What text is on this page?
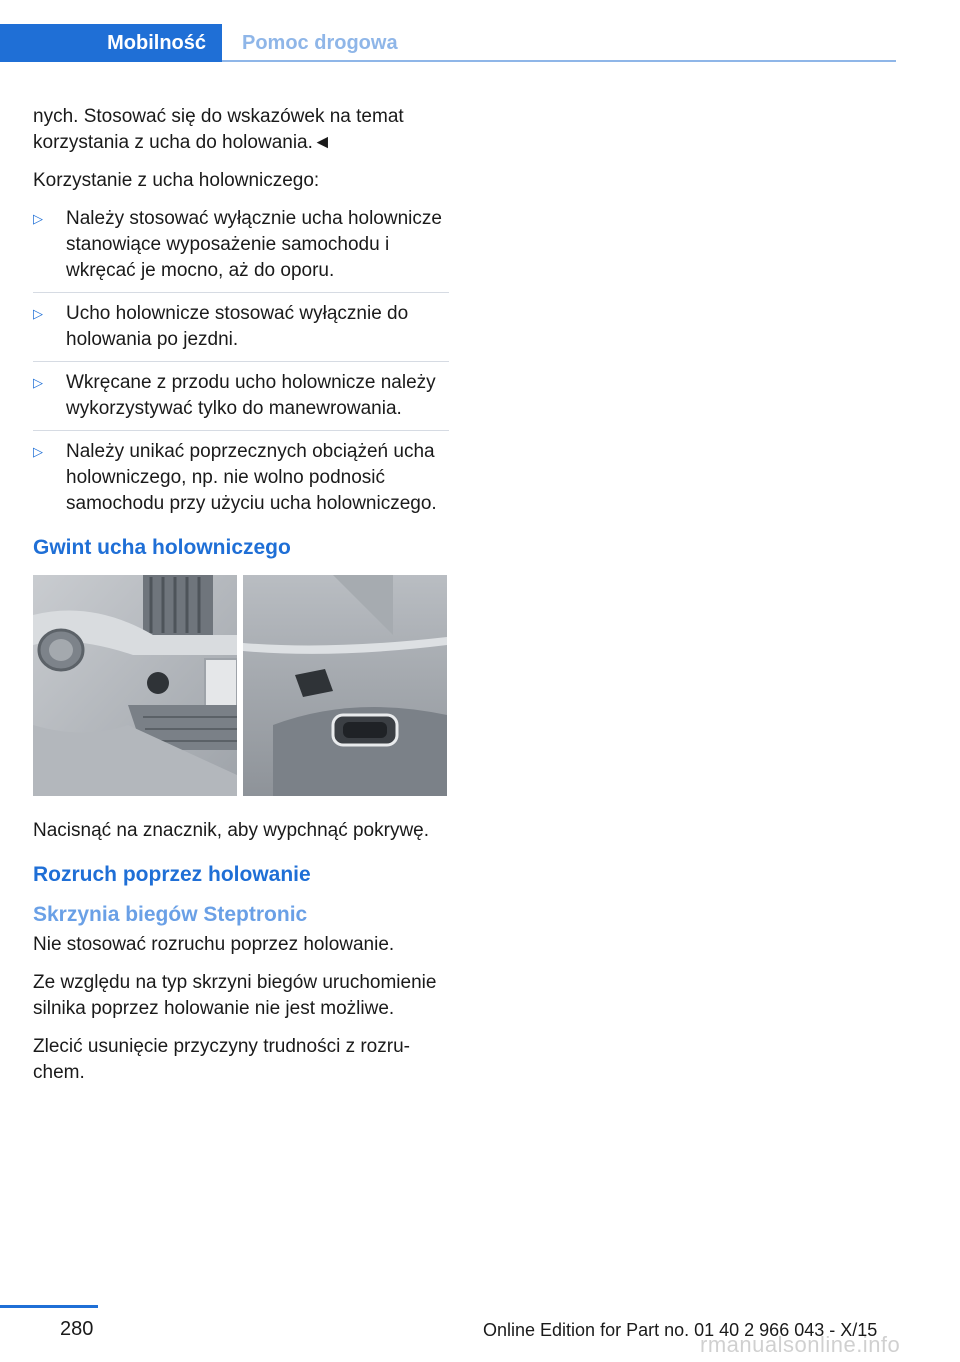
Mobilność	Pomoc drogowa

nych. Stosować się do wskazówek na temat
korzystania z ucha do holowania.◄

Korzystanie z ucha holowniczego:

▷ Należy stosować wyłącznie ucha holownicze stanowiące wyposażenie samochodu i wkręcać je mocno, aż do oporu.
▷ Ucho holownicze stosować wyłącznie do holowania po jezdni.
▷ Wkręcane z przodu ucho holownicze należy wykorzystywać tylko do manewrowania.
▷ Należy unikać poprzecznych obciążeń ucha holowniczego, np. nie wolno podnosić samochodu przy użyciu ucha holowniczego.
Gwint ucha holowniczego

Nacisnąć na znacznik, aby wypchnąć pokrywę.

Rozruch poprzez holowanie
Skrzynia biegów Steptronic

Nie stosować rozruchu poprzez holowanie.

Ze względu na typ skrzyni biegów uruchomienie silnika poprzez holowanie nie jest możliwe.

Zlecić usunięcie przyczyny trudności z rozruchem.

280	Online Edition for Part no. 01 40 2 966 043 - X/15
rmanualsonline.info
